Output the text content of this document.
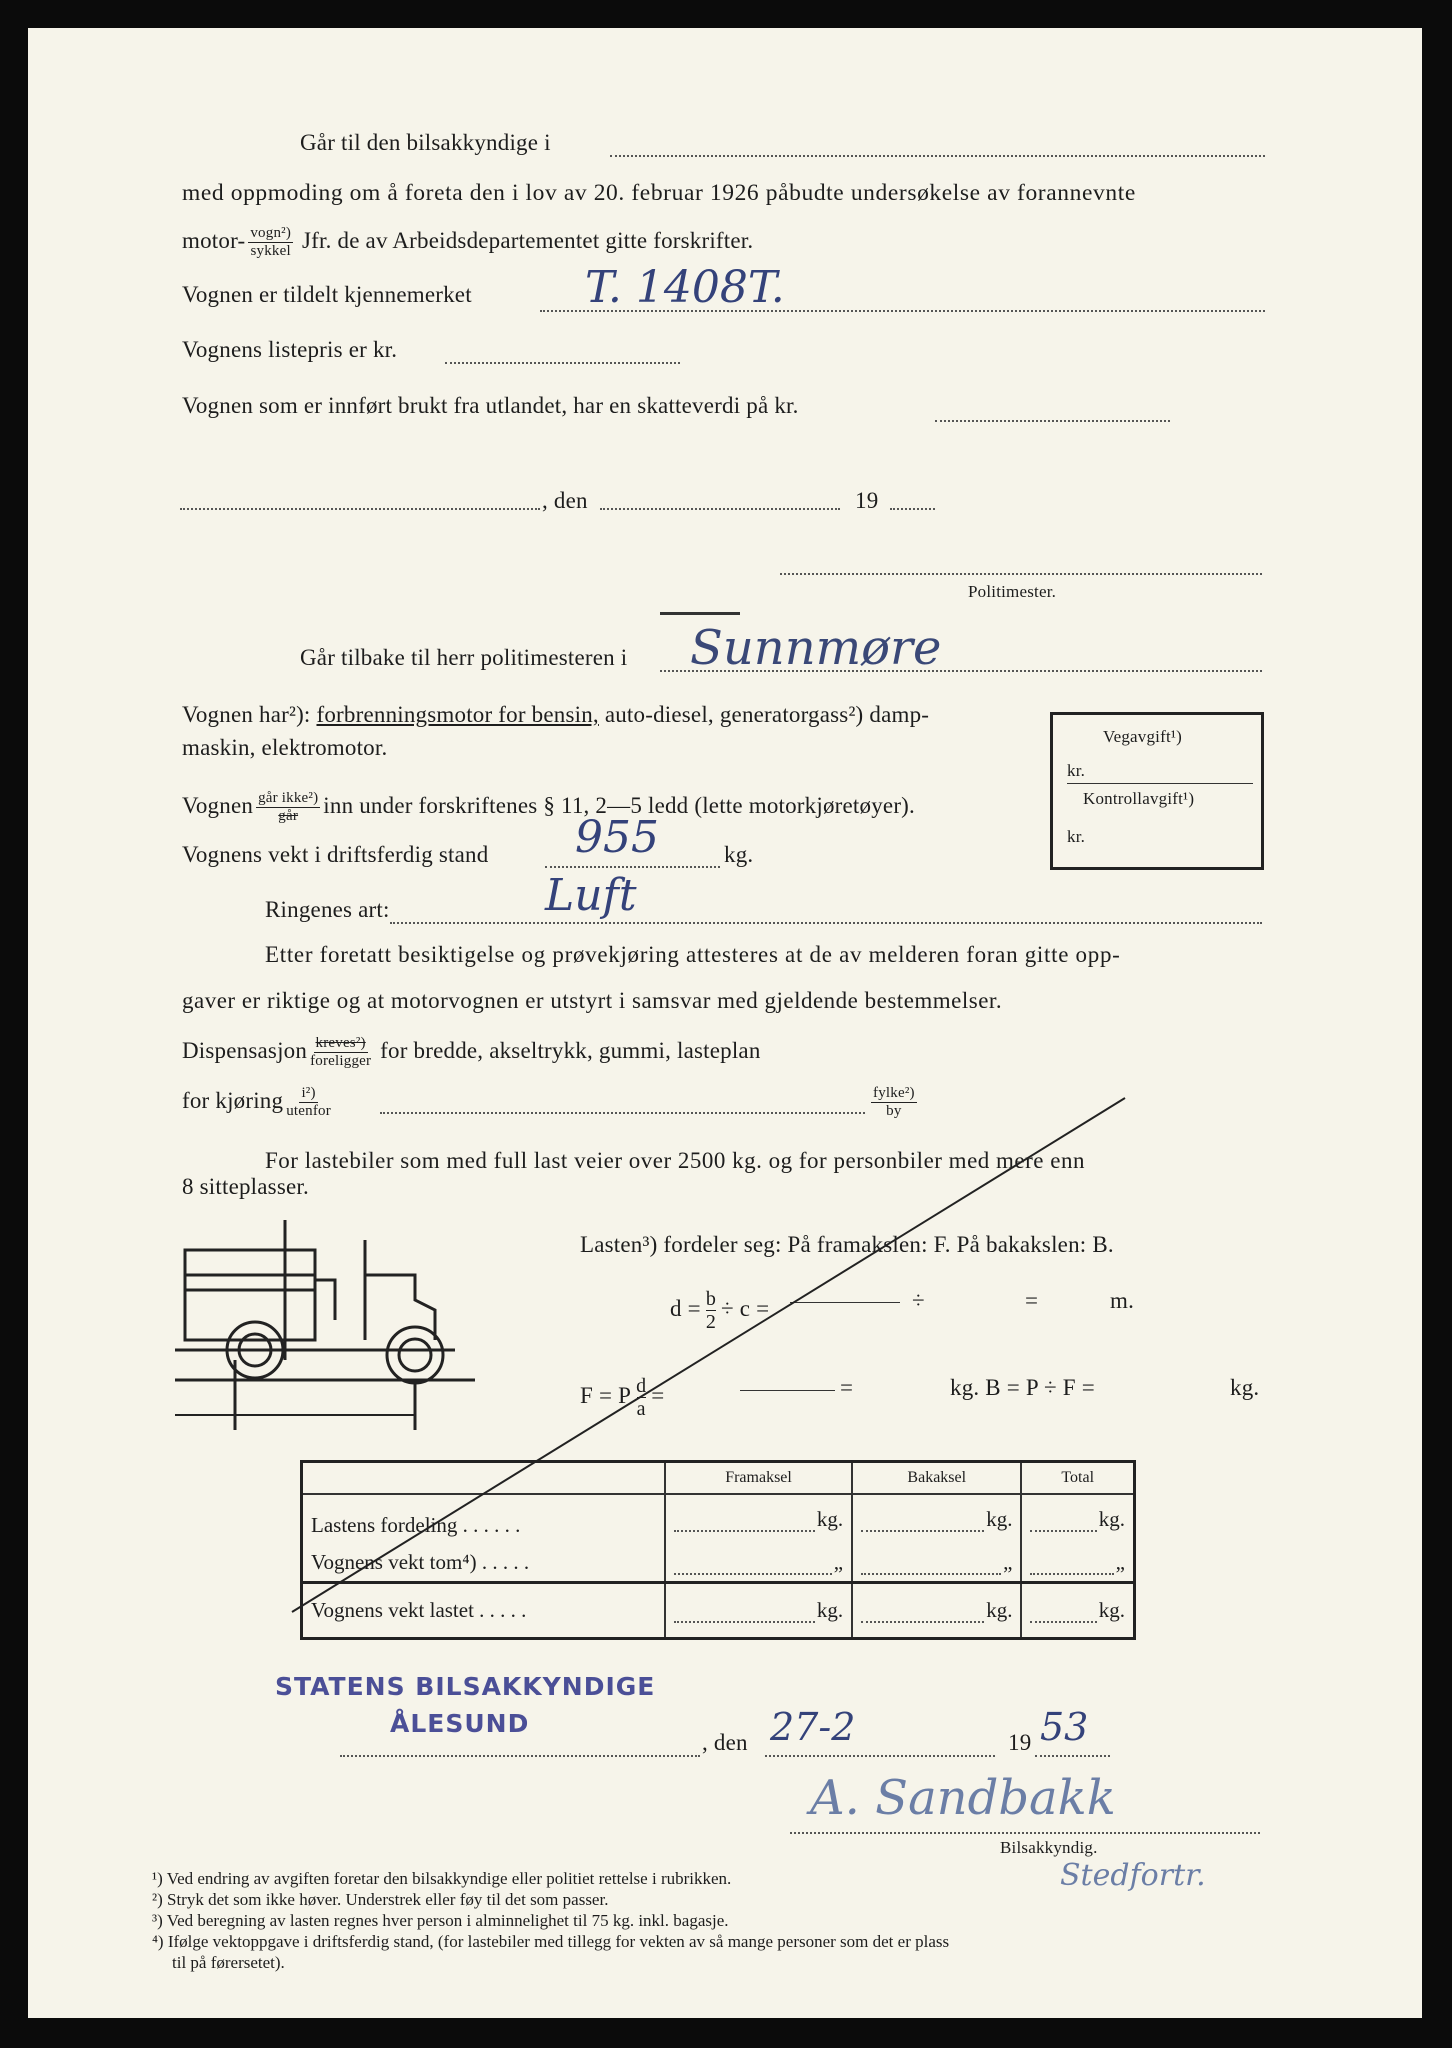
Går til den bilsakkyndige i
med oppmoding om å foreta den i lov av 20. februar 1926 påbudte undersøkelse av forannevnte
motor- $\frac{\text{vogn²)}}{\text{sykkel}}$ Jfr. de av Arbeidsdepartementet gitte forskrifter.
Vognen er tildelt kjennemerket	T. 1408T.
Vognens listepris er kr.
Vognen som er innført brukt fra utlandet, har en skatteverdi på kr.
, den	19
Politimester.
Går tilbake til herr politimesteren i Sunnmøre
Vognen har²): forbrenningsmotor for bensin, auto-diesel, generatorgass²) damp-
maskin, elektromotor.
Vognen $\frac{\text{går ikke²)}}{\text{går}}$ inn under forskriftenes § 11, 2—5 ledd (lette motorkjøretøyer).
Vognens vekt i driftsferdig stand 955	kg.
Ringenes art:	Luft
Etter foretatt besiktigelse og prøvekjøring attesteres at de av melderen foran gitte opp-
gaver er riktige og at motorvognen er utstyrt i samsvar med gjeldende bestemmelser.
Dispensasjon $\frac{\text{kreves²)}}{\text{foreligger}}$ for bredde, akseltrykk, gummi, lasteplan
for kjøring $\frac{\text{i²)}}{\text{utenfor}}$	$\frac{\text{fylke²)}}{by}$
Vegavgift¹)
kr.
Kontrollavgift¹)
kr.
For lastebiler som med full last veier over 2500 kg. og for personbiler med mere enn
8 sitteplasser.
Lasten³) fordeler seg: På framakslen: F. På bakakslen: B.
$d = \frac{b}{2} \div c$ =	÷	=	m.
F = P $\frac{d}{a}$ =	=	kg. B = P ÷ F =	kg.
	Framaksel	Bakaksel	Total
Lastens fordeling . . . . . .	kg.	kg.	kg.

Vognens vekt tom⁴) . . . . .	„	„	„

Vognens vekt lastet . . . . .	kg.	kg.	kg.
STATENS BILSAKKYNDIGE
ÅLESUND
, den 27-2	19 53
A. Sandbakk
Bilsakkyndig.
Stedfortr.
¹) Ved endring av avgiften foretar den bilsakkyndige eller politiet rettelse i rubrikken.
²) Stryk det som ikke høver. Understrek eller føy til det som passer.
³) Ved beregning av lasten regnes hver person i alminnelighet til 75 kg. inkl. bagasje.
⁴) Ifølge vektoppgave i driftsferdig stand, (for lastebiler med tillegg for vekten av så mange personer som det er plass
til på førersetet).
